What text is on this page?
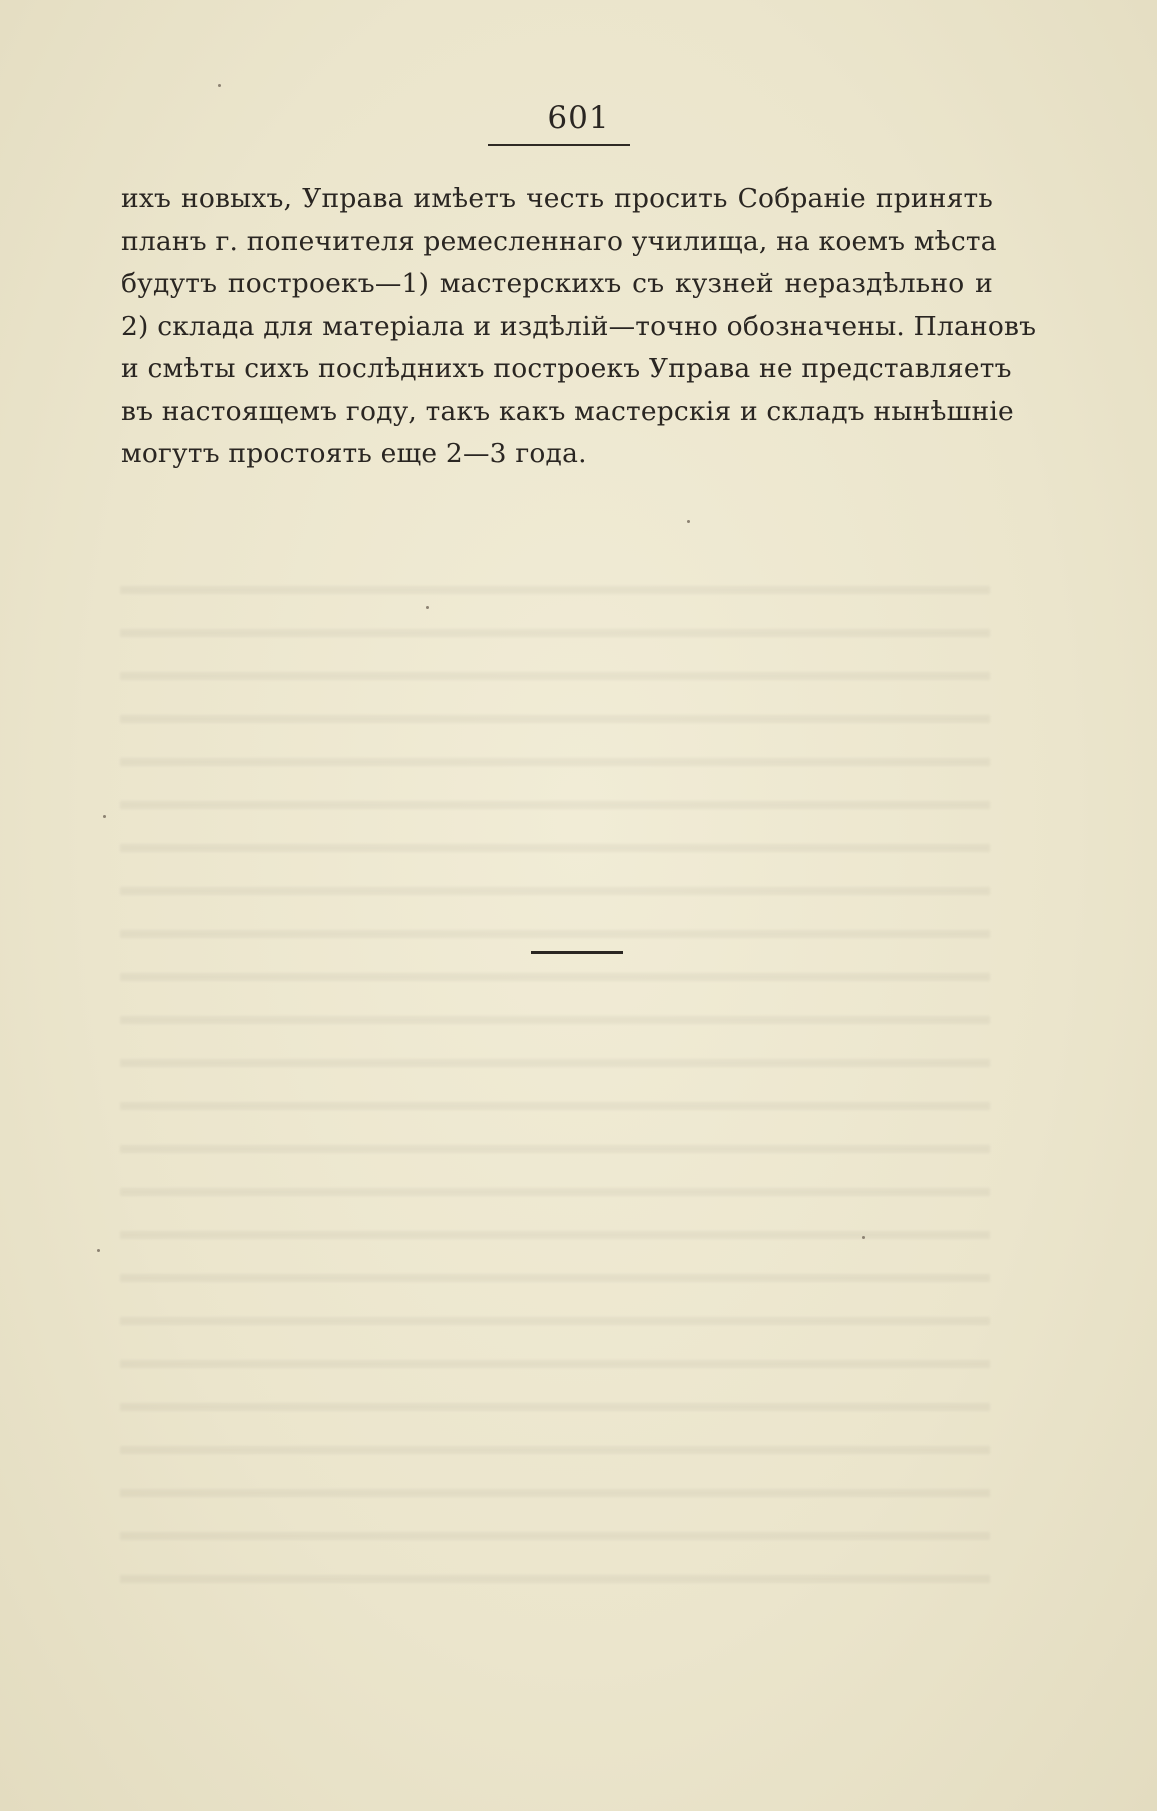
601
ихъ новыхъ, Управа имѣетъ честь просить Собраніе принять
планъ г. попечителя ремесленнаго училища, на коемъ мѣста
будутъ построекъ—1) мастерскихъ съ кузней нераздѣльно и
2) склада для матеріала и издѣлій—точно обозначены. Плановъ
и смѣты сихъ послѣднихъ построекъ Управа не представляетъ
въ настоящемъ году, такъ какъ мастерскія и складъ нынѣшніе
могутъ простоять еще 2—3 года.
